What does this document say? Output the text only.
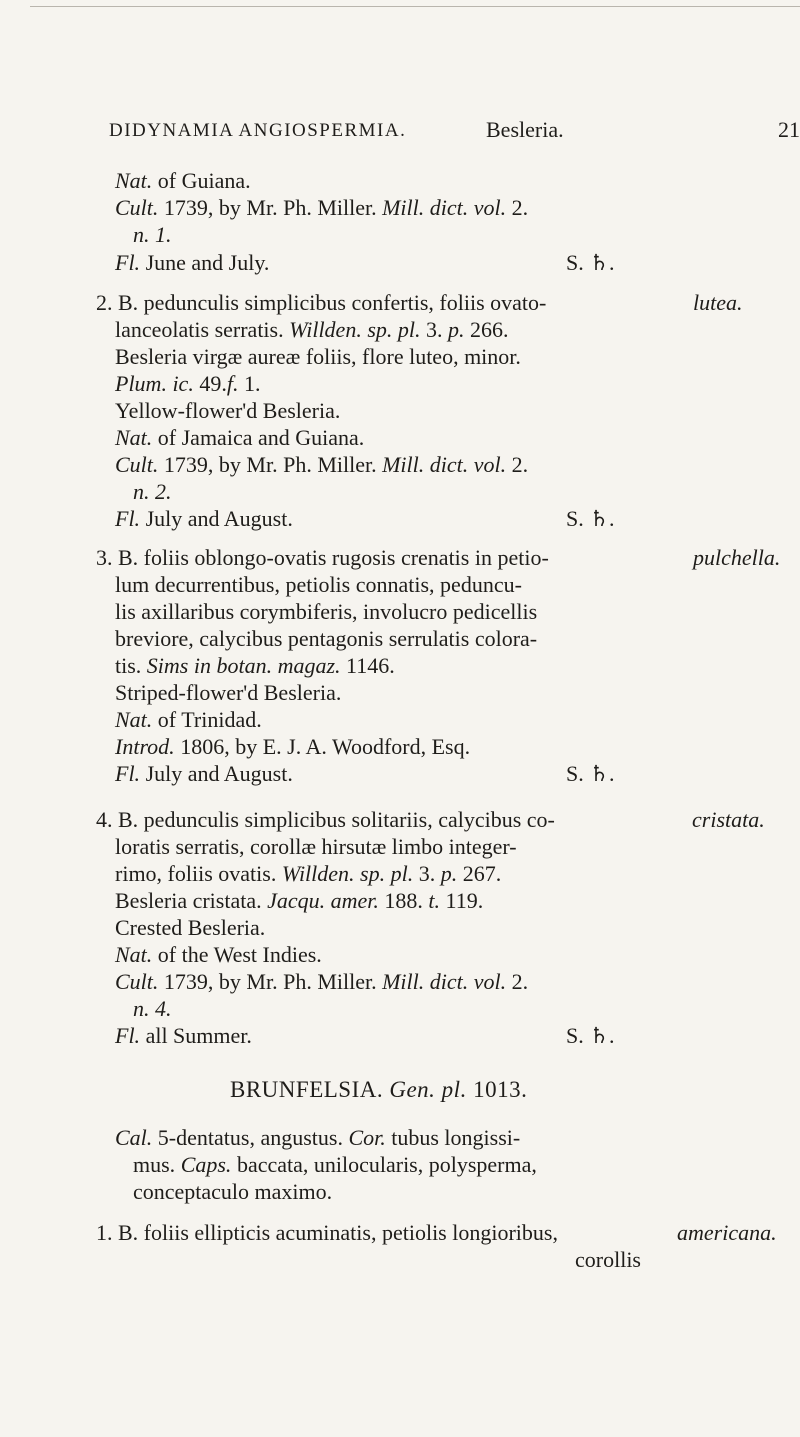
DIDYNAMIA ANGIOSPERMIA.	Besleria.	21
Nat. of Guiana.
Cult. 1739, by Mr. Ph. Miller. Mill. dict. vol. 2.
n. 1.
Fl. June and July.	S. ♄.
2. B. pedunculis simplicibus confertis, foliis ovato-	lutea.
lanceolatis serratis. Willden. sp. pl. 3. p. 266.
Besleria virgæ aureæ foliis, flore luteo, minor.
Plum. ic. 49.f. 1.
Yellow-flower'd Besleria.
Nat. of Jamaica and Guiana.
Cult. 1739, by Mr. Ph. Miller. Mill. dict. vol. 2.
n. 2.
Fl. July and August.	S. ♄.
3. B. foliis oblongo-ovatis rugosis crenatis in petio-	pulchella.
lum decurrentibus, petiolis connatis, peduncu-
lis axillaribus corymbiferis, involucro pedicellis
breviore, calycibus pentagonis serrulatis colora-
tis. Sims in botan. magaz. 1146.
Striped-flower'd Besleria.
Nat. of Trinidad.
Introd. 1806, by E. J. A. Woodford, Esq.
Fl. July and August.	S. ♄.
4. B. pedunculis simplicibus solitariis, calycibus co-	cristata.
loratis serratis, corollæ hirsutæ limbo integer-
rimo, foliis ovatis. Willden. sp. pl. 3. p. 267.
Besleria cristata. Jacqu. amer. 188. t. 119.
Crested Besleria.
Nat. of the West Indies.
Cult. 1739, by Mr. Ph. Miller. Mill. dict. vol. 2.
n. 4.
Fl. all Summer.	S. ♄.
BRUNFELSIA. Gen. pl. 1013.
Cal. 5-dentatus, angustus. Cor. tubus longissi-
mus. Caps. baccata, unilocularis, polysperma,
conceptaculo maximo.
1. B. foliis ellipticis acuminatis, petiolis longioribus,	americana.
corollis
